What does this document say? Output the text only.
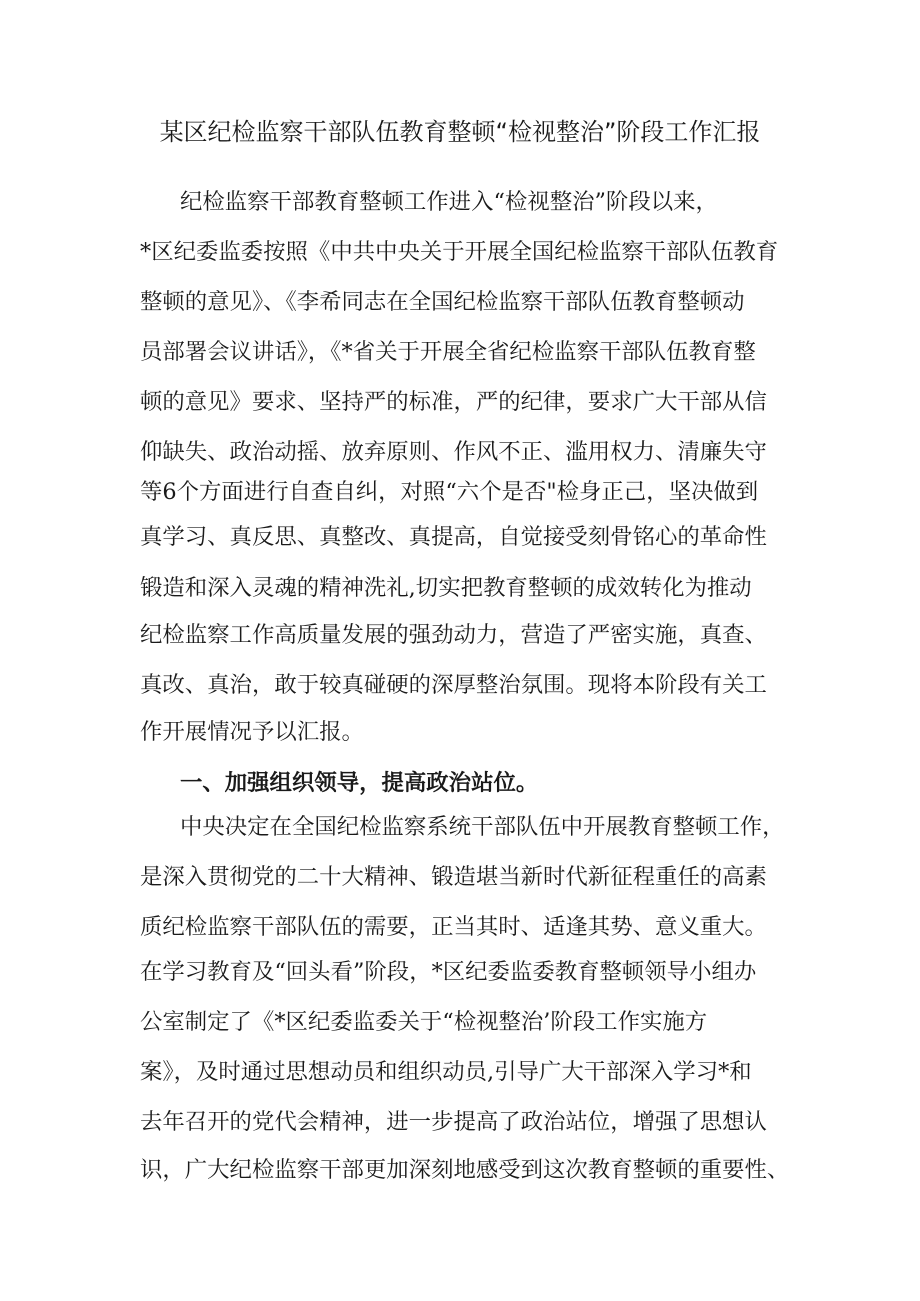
某区纪检监察干部队伍教育整顿“检视整治”阶段工作汇报
纪检监察干部教育整顿工作进入“检视整治”阶段以来，
*区纪委监委按照《中共中央关于开展全国纪检监察干部队伍教育
整顿的意见》、《李希同志在全国纪检监察干部队伍教育整顿动
员部署会议讲话》，《*省关于开展全省纪检监察干部队伍教育整
顿的意见》要求、坚持严的标准，严的纪律，要求广大干部从信
仰缺失、政治动摇、放弃原则、作风不正、滥用权力、清廉失守
等6个方面进行自查自纠，对照“六个是否"检身正己，坚决做到
真学习、真反思、真整改、真提高，自觉接受刻骨铭心的革命性
锻造和深入灵魂的精神洗礼,切实把教育整顿的成效转化为推动
纪检监察工作高质量发展的强劲动力，营造了严密实施，真查、
真改、真治，敢于较真碰硬的深厚整治氛围。现将本阶段有关工
作开展情况予以汇报。
一、加强组织领导，提高政治站位。
中央决定在全国纪检监察系统干部队伍中开展教育整顿工作，
是深入贯彻党的二十大精神、锻造堪当新时代新征程重任的高素
质纪检监察干部队伍的需要，正当其时、适逢其势、意义重大。
在学习教育及“回头看”阶段，*区纪委监委教育整顿领导小组办
公室制定了《*区纪委监委关于“检视整治’阶段工作实施方
案》，及时通过思想动员和组织动员,引导广大干部深入学习*和
去年召开的党代会精神，进一步提高了政治站位，增强了思想认
识，广大纪检监察干部更加深刻地感受到这次教育整顿的重要性、
